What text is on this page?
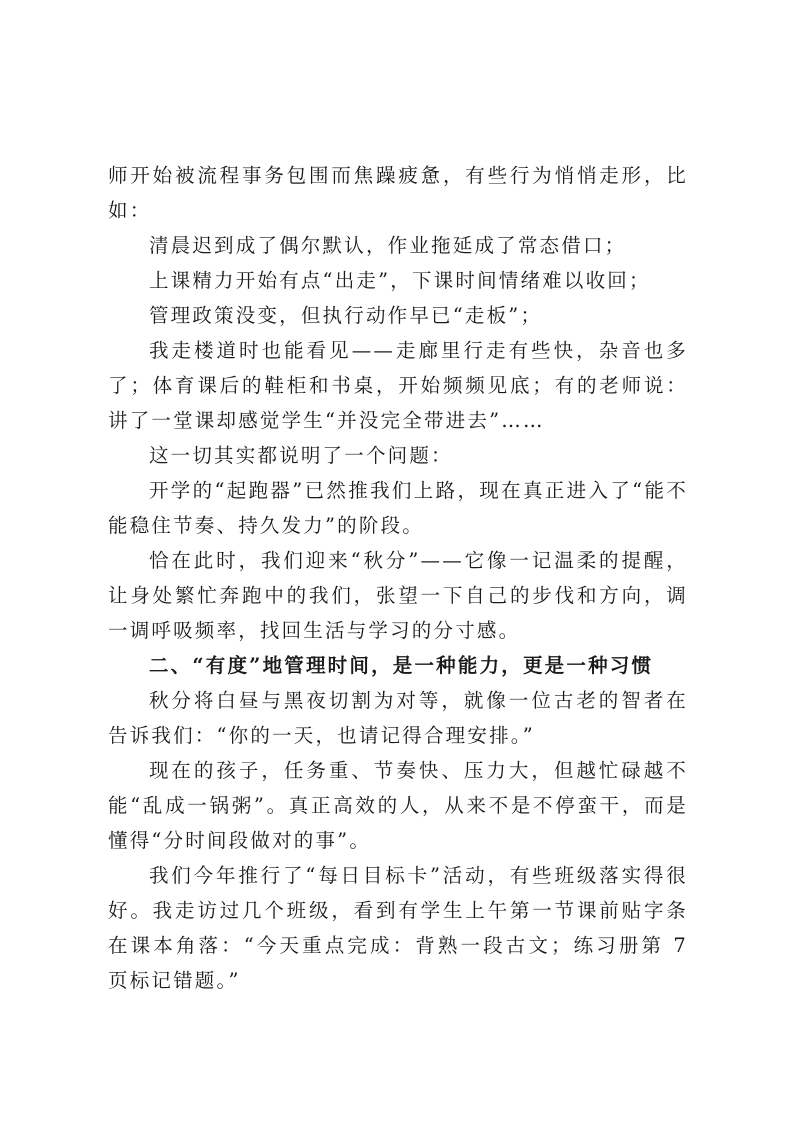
师开始被流程事务包围而焦躁疲惫，有些行为悄悄走形，比如：

清晨迟到成了偶尔默认，作业拖延成了常态借口；

上课精力开始有点“出走”，下课时间情绪难以收回；

管理政策没变，但执行动作早已“走板”；

我走楼道时也能看见——走廊里行走有些快，杂音也多了；体育课后的鞋柜和书桌，开始频频见底；有的老师说：讲了一堂课却感觉学生“并没完全带进去”……

这一切其实都说明了一个问题：

开学的“起跑器”已然推我们上路，现在真正进入了“能不能稳住节奏、持久发力”的阶段。

恰在此时，我们迎来“秋分”——它像一记温柔的提醒，让身处繁忙奔跑中的我们，张望一下自己的步伐和方向，调一调呼吸频率，找回生活与学习的分寸感。

二、“有度”地管理时间，是一种能力，更是一种习惯

秋分将白昼与黑夜切割为对等，就像一位古老的智者在告诉我们：“你的一天，也请记得合理安排。”

现在的孩子，任务重、节奏快、压力大，但越忙碌越不能“乱成一锅粥”。真正高效的人，从来不是不停蛮干，而是懂得“分时间段做对的事”。

我们今年推行了“每日目标卡”活动，有些班级落实得很好。我走访过几个班级，看到有学生上午第一节课前贴字条在课本角落：“今天重点完成：背熟一段古文；练习册第 7 页标记错题。”
